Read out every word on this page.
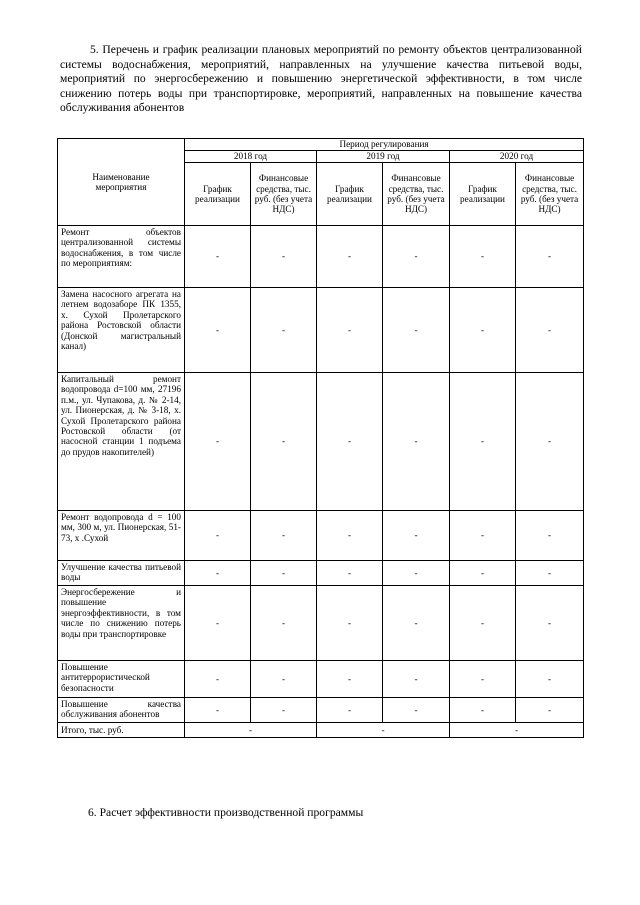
5. Перечень и график реализации плановых мероприятий по ремонту объектов централизованной системы водоснабжения, мероприятий, направленных на улучшение качества питьевой воды, мероприятий по энергосбережению и повышению энергетической эффективности, в том числе снижению потерь воды при транспортировке, мероприятий, направленных на повышение качества обслуживания абонентов
Наименование мероприятия	Период регулирования					
	2018 год		2019 год		2020 год	
	График реализации	Финансовые средства, тыс. руб. (без учета НДС)	График реализации	Финансовые средства, тыс. руб. (без учета НДС)	График реализации	Финансовые средства, тыс. руб. (без учета НДС)
Ремонт объектов централизованной системы водоснабжения, в том числе по мероприятиям:	-	-	-	-	-	-
Замена насосного агрегата на летнем водозаборе ПК 1355, х. Сухой Пролетарского района Ростовской области (Донской магистральный канал)	-	-	-	-	-	-
Капитальный ремонт водопровода d=100 мм, 27196 п.м., ул. Чупакова, д. № 2-14, ул. Пионерская, д. № 3-18, х. Сухой Пролетарского района Ростовской области (от насосной станции 1 подъема до прудов накопителей)	-	-	-	-	-	-
Ремонт водопровода d = 100 мм, 300 м, ул. Пионерская, 51-73, х .Сухой	-	-	-	-	-	-
Улучшение качества питьевой воды	-	-	-	-	-	-
Энергосбережение и повышение энергоэффективности, в том числе по снижению потерь воды при транспортировке	-	-	-	-	-	-
Повышение антитеррористической безопасности	-	-	-	-	-	-
Повышение качества обслуживания абонентов	-	-	-	-	-	-
Итого, тыс. руб.	-		-		-	
6. Расчет эффективности производственной программы
